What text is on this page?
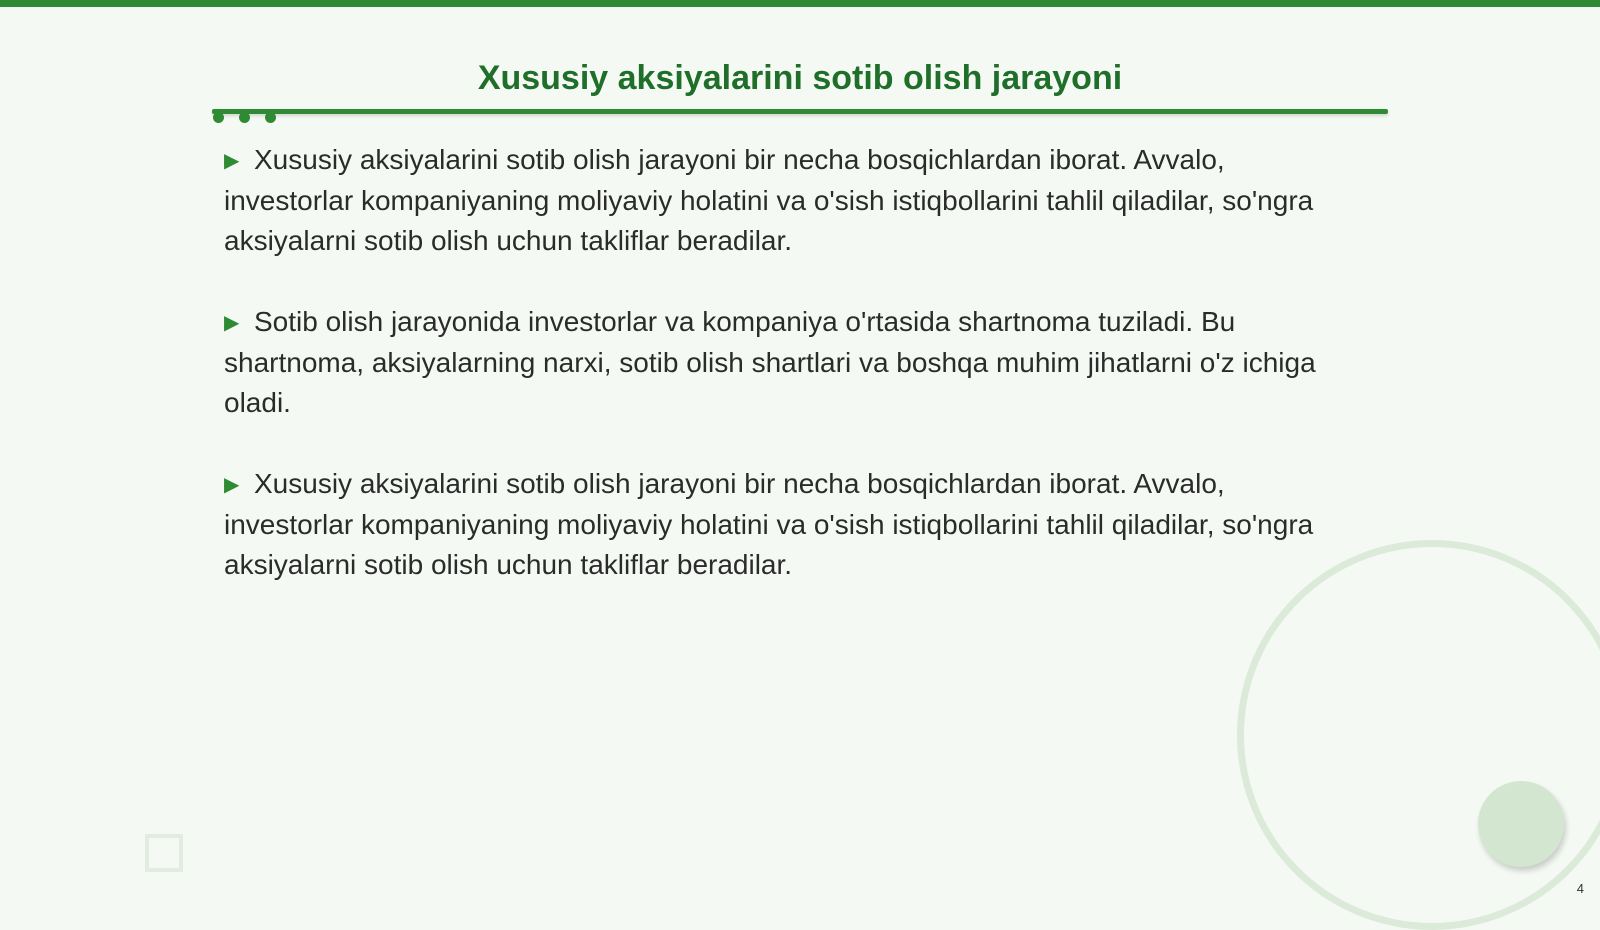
Xususiy aksiyalarini sotib olish jarayoni

▶ Xususiy aksiyalarini sotib olish jarayoni bir necha bosqichlardan iborat. Avvalo, investorlar kompaniyaning moliyaviy holatini va o'sish istiqbollarini tahlil qiladilar, so'ngra aksiyalarni sotib olish uchun takliflar beradilar.

▶ Sotib olish jarayonida investorlar va kompaniya o'rtasida shartnoma tuziladi. Bu shartnoma, aksiyalarning narxi, sotib olish shartlari va boshqa muhim jihatlarni o'z ichiga oladi.

▶ Xususiy aksiyalarini sotib olish jarayoni bir necha bosqichlardan iborat. Avvalo, investorlar kompaniyaning moliyaviy holatini va o'sish istiqbollarini tahlil qiladilar, so'ngra aksiyalarni sotib olish uchun takliflar beradilar.

4
